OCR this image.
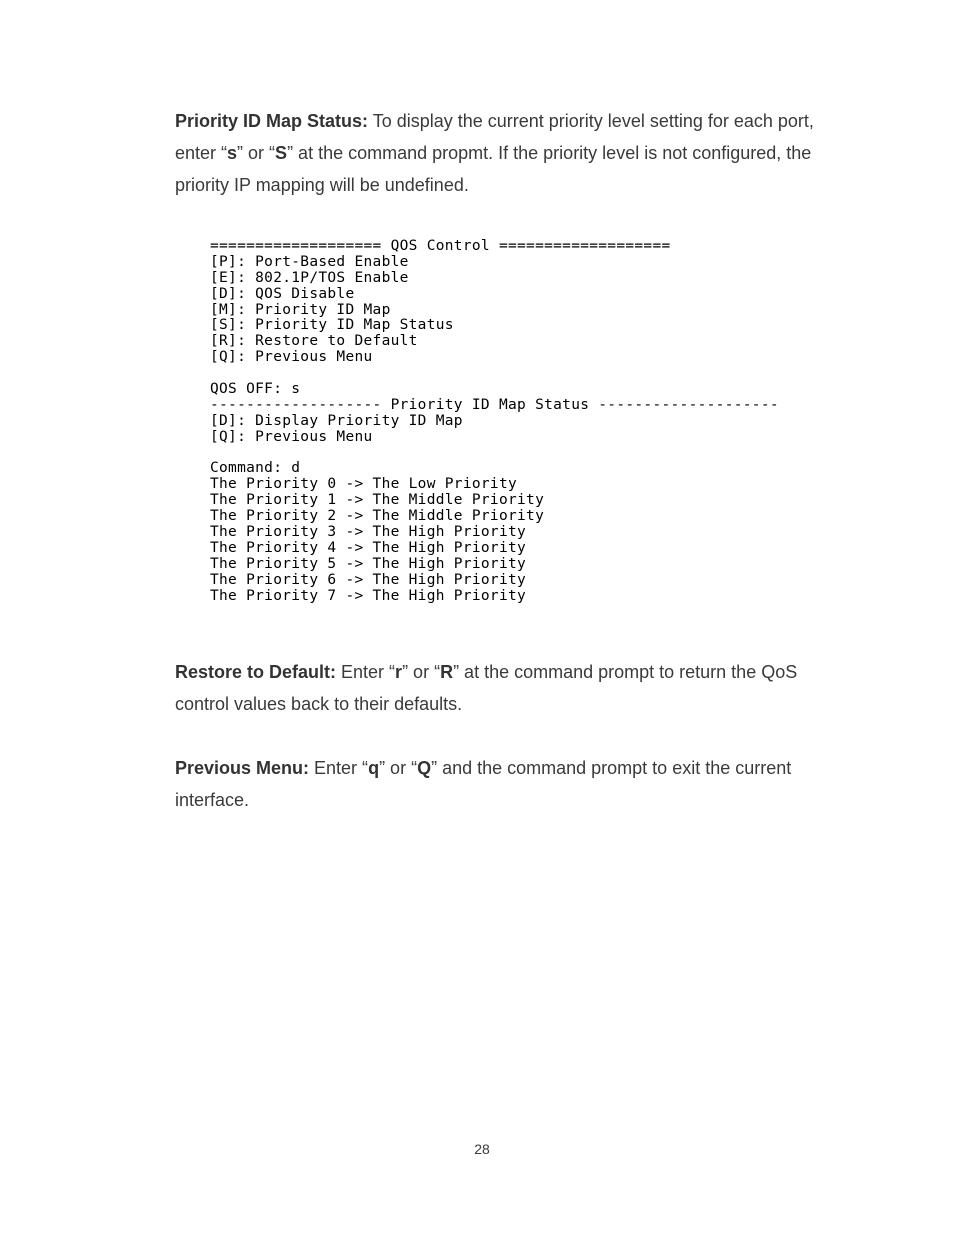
Priority ID Map Status: To display the current priority level setting for each port, enter “s” or “S” at the command propmt. If the priority level is not configured, the priority IP mapping will be undefined.

=================== QOS Control ===================
[P]: Port-Based Enable
[E]: 802.1P/TOS Enable
[D]: QOS Disable
[M]: Priority ID Map
[S]: Priority ID Map Status
[R]: Restore to Default
[Q]: Previous Menu
QOS OFF: s
------------------- Priority ID Map Status --------------------
[D]: Display Priority ID Map
[Q]: Previous Menu
Command: d
The Priority 0 -> The Low Priority
The Priority 1 -> The Middle Priority
The Priority 2 -> The Middle Priority
The Priority 3 -> The High Priority
The Priority 4 -> The High Priority
The Priority 5 -> The High Priority
The Priority 6 -> The High Priority
The Priority 7 -> The High Priority

Restore to Default: Enter “r” or “R” at the command prompt to return the QoS control values back to their defaults.

Previous Menu: Enter “q” or “Q” and the command prompt to exit the current interface.

28
